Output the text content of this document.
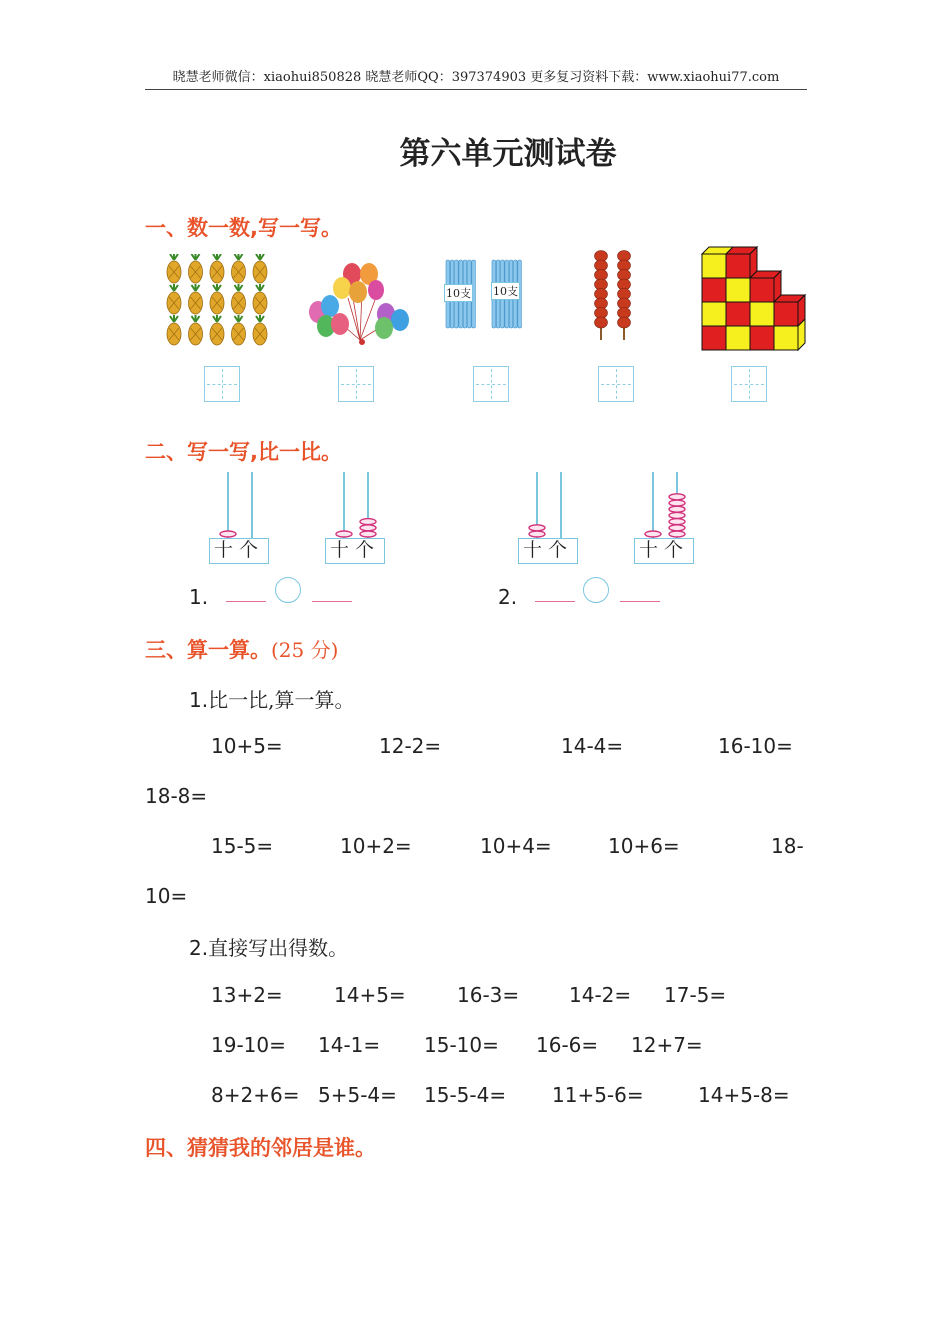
晓慧老师微信：xiaohui850828 晓慧老师QQ：397374903 更多复习资料下载：www.xiaohui77.com
第六单元测试卷
一、数一数,写一写。
10支 10支
二、写一写,比一比。
十个	十个	十个	十个
1.	2.
三、算一算。(25 分)
1.比一比,算一算。
10+5=	12-2=	14-4=	16-10=
18-8=
15-5=	10+2=	10+4=	10+6=	18-
10=
2.直接写出得数。
13+2=	14+5=	16-3= 14-2= 17-5=
19-10= 14-1= 15-10= 16-6= 12+7=
8+2+6= 5+5-4= 15-5-4= 11+5-6=	14+5-8=
四、猜猜我的邻居是谁。
